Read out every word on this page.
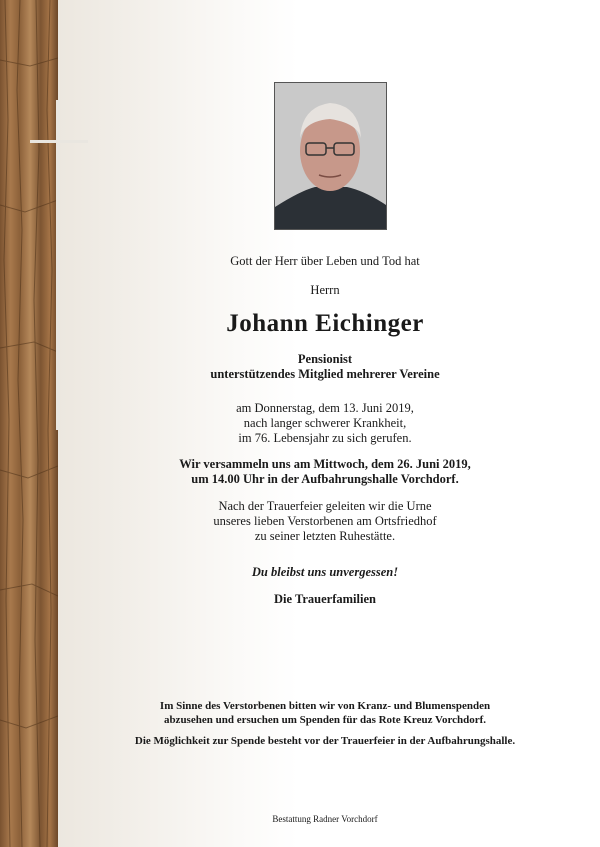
Gott der Herr über Leben und Tod hat

Herrn

Johann Eichinger

Pensionist

unterstützendes Mitglied mehrerer Vereine

am Donnerstag, dem 13. Juni 2019,
nach langer schwerer Krankheit,
im 76. Lebensjahr zu sich gerufen.
Wir versammeln uns am Mittwoch, dem 26. Juni 2019,
um 14.00 Uhr in der Aufbahrungshalle Vorchdorf.
Nach der Trauerfeier geleiten wir die Urne
unseres lieben Verstorbenen am Ortsfriedhof
zu seiner letzten Ruhestätte.

Du bleibst uns unvergessen!

Die Trauerfamilien

Im Sinne des Verstorbenen bitten wir von Kranz- und Blumenspenden
abzusehen und ersuchen um Spenden für das Rote Kreuz Vorchdorf.

Die Möglichkeit zur Spende besteht vor der Trauerfeier in der Aufbahrungshalle.

Bestattung Radner Vorchdorf
